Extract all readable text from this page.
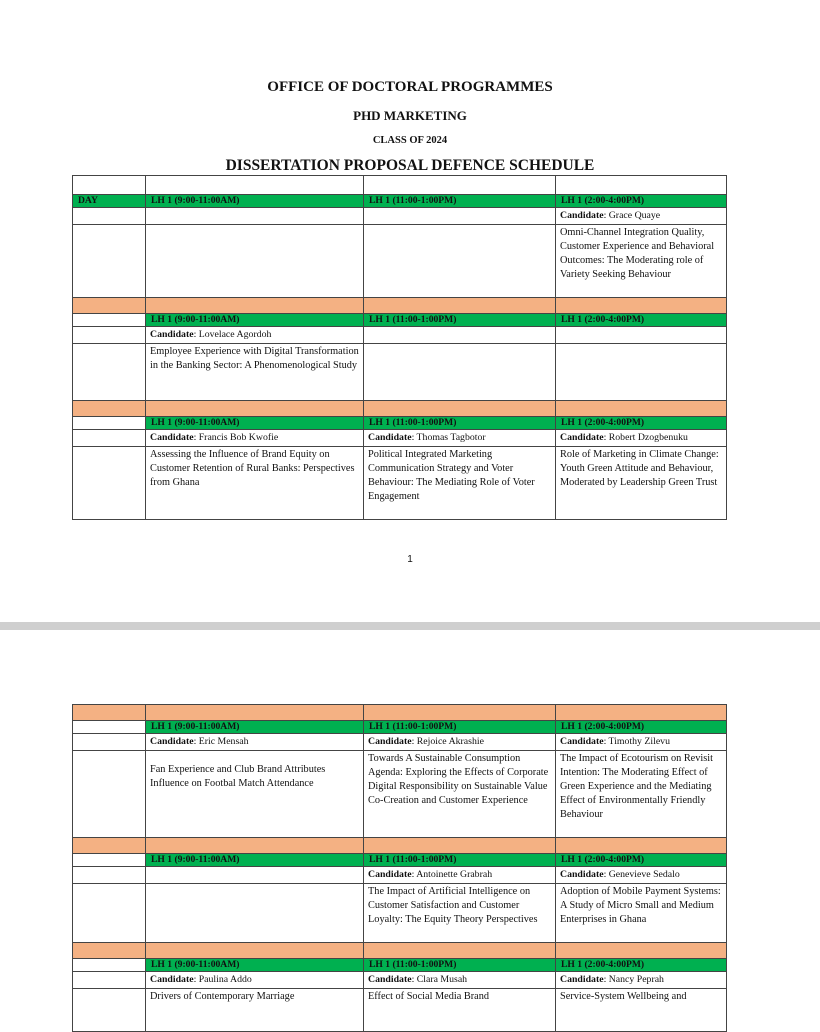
OFFICE OF DOCTORAL PROGRAMMES
PHD MARKETING
CLASS OF 2024
DISSERTATION PROPOSAL DEFENCE SCHEDULE

DAY	LH 1 (9:00-11:00AM)	LH 1 (11:00-1:00PM)	LH 1 (2:00-4:00PM)
			Candidate: Grace Quaye
			Omni-Channel Integration Quality, Customer Experience and Behavioral Outcomes: The Moderating role of Variety Seeking Behaviour

	LH 1 (9:00-11:00AM)	LH 1 (11:00-1:00PM)	LH 1 (2:00-4:00PM)
	Candidate: Lovelace Agordoh		
	Employee Experience with Digital Transformation in the Banking Sector: A Phenomenological Study		

	LH 1 (9:00-11:00AM)	LH 1 (11:00-1:00PM)	LH 1 (2:00-4:00PM)
	Candidate: Francis Bob Kwofie	Candidate: Thomas Tagbotor	Candidate: Robert Dzogbenuku
	Assessing the Influence of Brand Equity on Customer Retention of Rural Banks: Perspectives from Ghana	Political Integrated Marketing Communication Strategy and Voter Behaviour: The Mediating Role of Voter Engagement	Role of Marketing in Climate Change: Youth Green Attitude and Behaviour, Moderated by Leadership Green Trust
1

	LH 1 (9:00-11:00AM)	LH 1 (11:00-1:00PM)	LH 1 (2:00-4:00PM)
	Candidate: Eric Mensah	Candidate: Rejoice Akrashie	Candidate: Timothy Zilevu
	Fan Experience and Club Brand Attributes Influence on Footbal Match Attendance	Towards A Sustainable Consumption Agenda: Exploring the Effects of Corporate Digital Responsibility on Sustainable Value Co-Creation and Customer Experience	The Impact of Ecotourism on Revisit Intention: The Moderating Effect of Green Experience and the Mediating Effect of Environmentally Friendly Behaviour

	LH 1 (9:00-11:00AM)	LH 1 (11:00-1:00PM)	LH 1 (2:00-4:00PM)
		Candidate: Antoinette Grabrah	Candidate: Genevieve Sedalo
		The Impact of Artificial Intelligence on Customer Satisfaction and Customer Loyalty: The Equity Theory Perspectives	Adoption of Mobile Payment Systems: A Study of Micro Small and Medium Enterprises in Ghana

	LH 1 (9:00-11:00AM)	LH 1 (11:00-1:00PM)	LH 1 (2:00-4:00PM)
	Candidate: Paulina Addo	Candidate: Clara Musah	Candidate: Nancy Peprah
	Drivers of Contemporary Marriage	Effect of Social Media Brand	Service-System Wellbeing and
